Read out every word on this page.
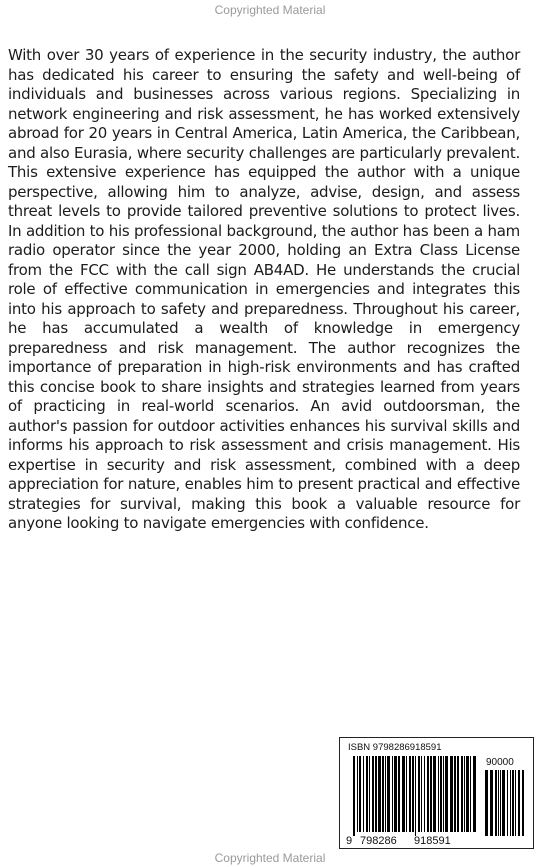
Copyrighted Material
With over 30 years of experience in the security industry, the author has dedicated his career to ensuring the safety and well-being of individuals and businesses across various regions. Specializing in network engineering and risk assessment, he has worked extensively abroad for 20 years in Central America, Latin America, the Caribbean, and also Eurasia, where security challenges are particularly prevalent. This extensive experience has equipped the author with a unique perspective, allowing him to analyze, advise, design, and assess threat levels to provide tailored preventive solutions to protect lives. In addition to his professional background, the author has been a ham radio operator since the year 2000, holding an Extra Class License from the FCC with the call sign AB4AD. He understands the crucial role of effective communication in emergencies and integrates this into his approach to safety and preparedness. Throughout his career, he has accumulated a wealth of knowledge in emergency preparedness and risk management. The author recognizes the importance of preparation in high-risk environments and has crafted this concise book to share insights and strategies learned from years of practicing in real-world scenarios. An avid outdoorsman, the author's passion for outdoor activities enhances his survival skills and informs his approach to risk assessment and crisis management. His expertise in security and risk assessment, combined with a deep appreciation for nature, enables him to present practical and effective strategies for survival, making this book a valuable resource for anyone looking to navigate emergencies with confidence.
ISBN 9798286918591
90000
9 798286 918591
Copyrighted Material
